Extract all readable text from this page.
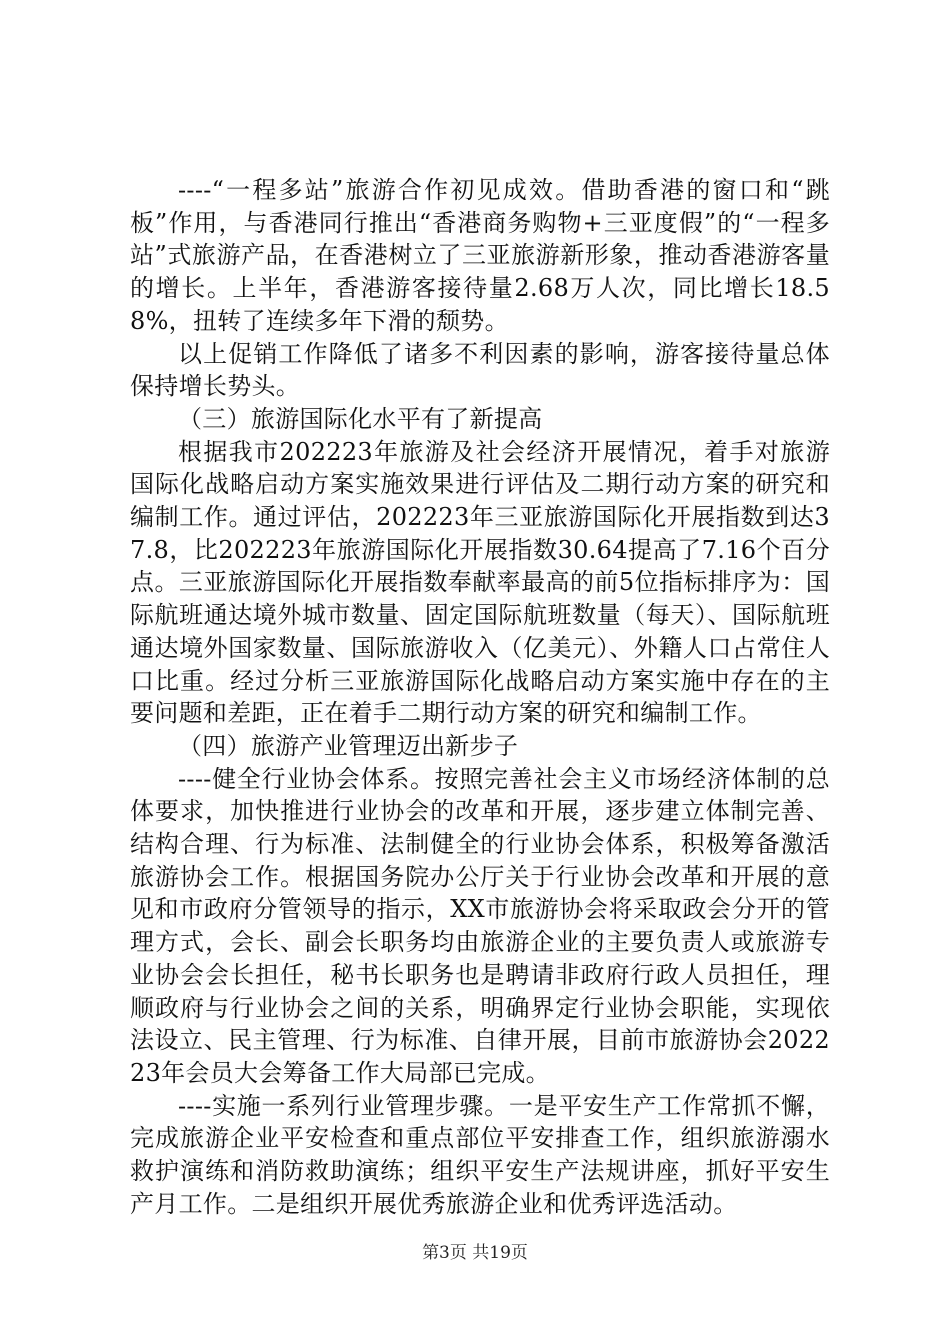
----“一程多站”旅游合作初见成效。借助香港的窗口和“跳板”作用，与香港同行推出“香港商务购物+三亚度假”的“一程多站”式旅游产品，在香港树立了三亚旅游新形象，推动香港游客量的增长。上半年，香港游客接待量2.68万人次，同比增长18.58%，扭转了连续多年下滑的颓势。

以上促销工作降低了诸多不利因素的影响，游客接待量总体保持增长势头。

（三）旅游国际化水平有了新提高

根据我市202223年旅游及社会经济开展情况，着手对旅游国际化战略启动方案实施效果进行评估及二期行动方案的研究和编制工作。通过评估，202223年三亚旅游国际化开展指数到达37.8，比202223年旅游国际化开展指数30.64提高了7.16个百分点。三亚旅游国际化开展指数奉献率最高的前5位指标排序为：国际航班通达境外城市数量、固定国际航班数量（每天）、国际航班通达境外国家数量、国际旅游收入（亿美元）、外籍人口占常住人口比重。经过分析三亚旅游国际化战略启动方案实施中存在的主要问题和差距，正在着手二期行动方案的研究和编制工作。

（四）旅游产业管理迈出新步子

----健全行业协会体系。按照完善社会主义市场经济体制的总体要求，加快推进行业协会的改革和开展，逐步建立体制完善、结构合理、行为标准、法制健全的行业协会体系，积极筹备激活旅游协会工作。根据国务院办公厅关于行业协会改革和开展的意见和市政府分管领导的指示，XX市旅游协会将采取政会分开的管理方式，会长、副会长职务均由旅游企业的主要负责人或旅游专业协会会长担任，秘书长职务也是聘请非政府行政人员担任，理顺政府与行业协会之间的关系，明确界定行业协会职能，实现依法设立、民主管理、行为标准、自律开展，目前市旅游协会202223年会员大会筹备工作大局部已完成。

----实施一系列行业管理步骤。一是平安生产工作常抓不懈，完成旅游企业平安检查和重点部位平安排查工作，组织旅游溺水救护演练和消防救助演练；组织平安生产法规讲座，抓好平安生产月工作。二是组织开展优秀旅游企业和优秀评选活动。

第3页 共19页
